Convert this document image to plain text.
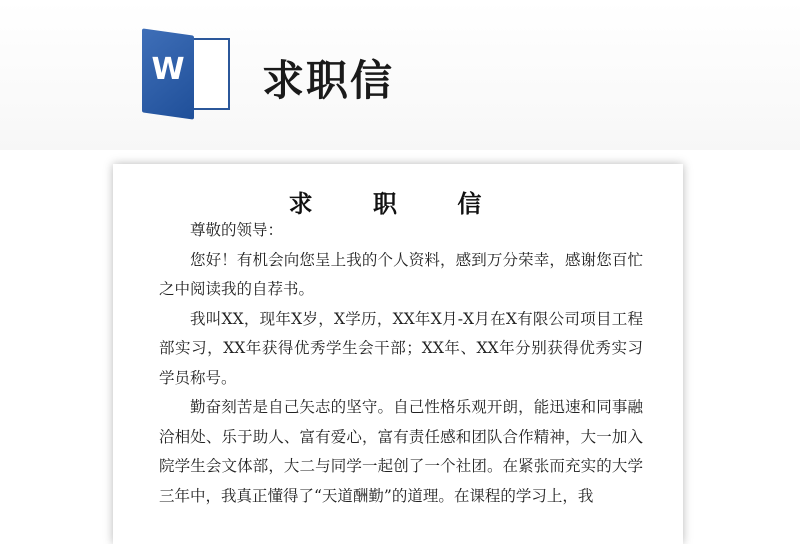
W 求职信
求 职 信

尊敬的领导：

您好！有机会向您呈上我的个人资料，感到万分荣幸，感谢您百忙之中阅读我的自荐书。

我叫XX，现年X岁，X学历，XX年X月-X月在X有限公司项目工程部实习，XX年获得优秀学生会干部；XX年、XX年分别获得优秀实习学员称号。

勤奋刻苦是自己矢志的坚守。自己性格乐观开朗，能迅速和同事融洽相处、乐于助人、富有爱心，富有责任感和团队合作精神，大一加入院学生会文体部，大二与同学一起创了一个社团。在紧张而充实的大学三年中，我真正懂得了“天道酬勤”的道理。在课程的学习上，我
